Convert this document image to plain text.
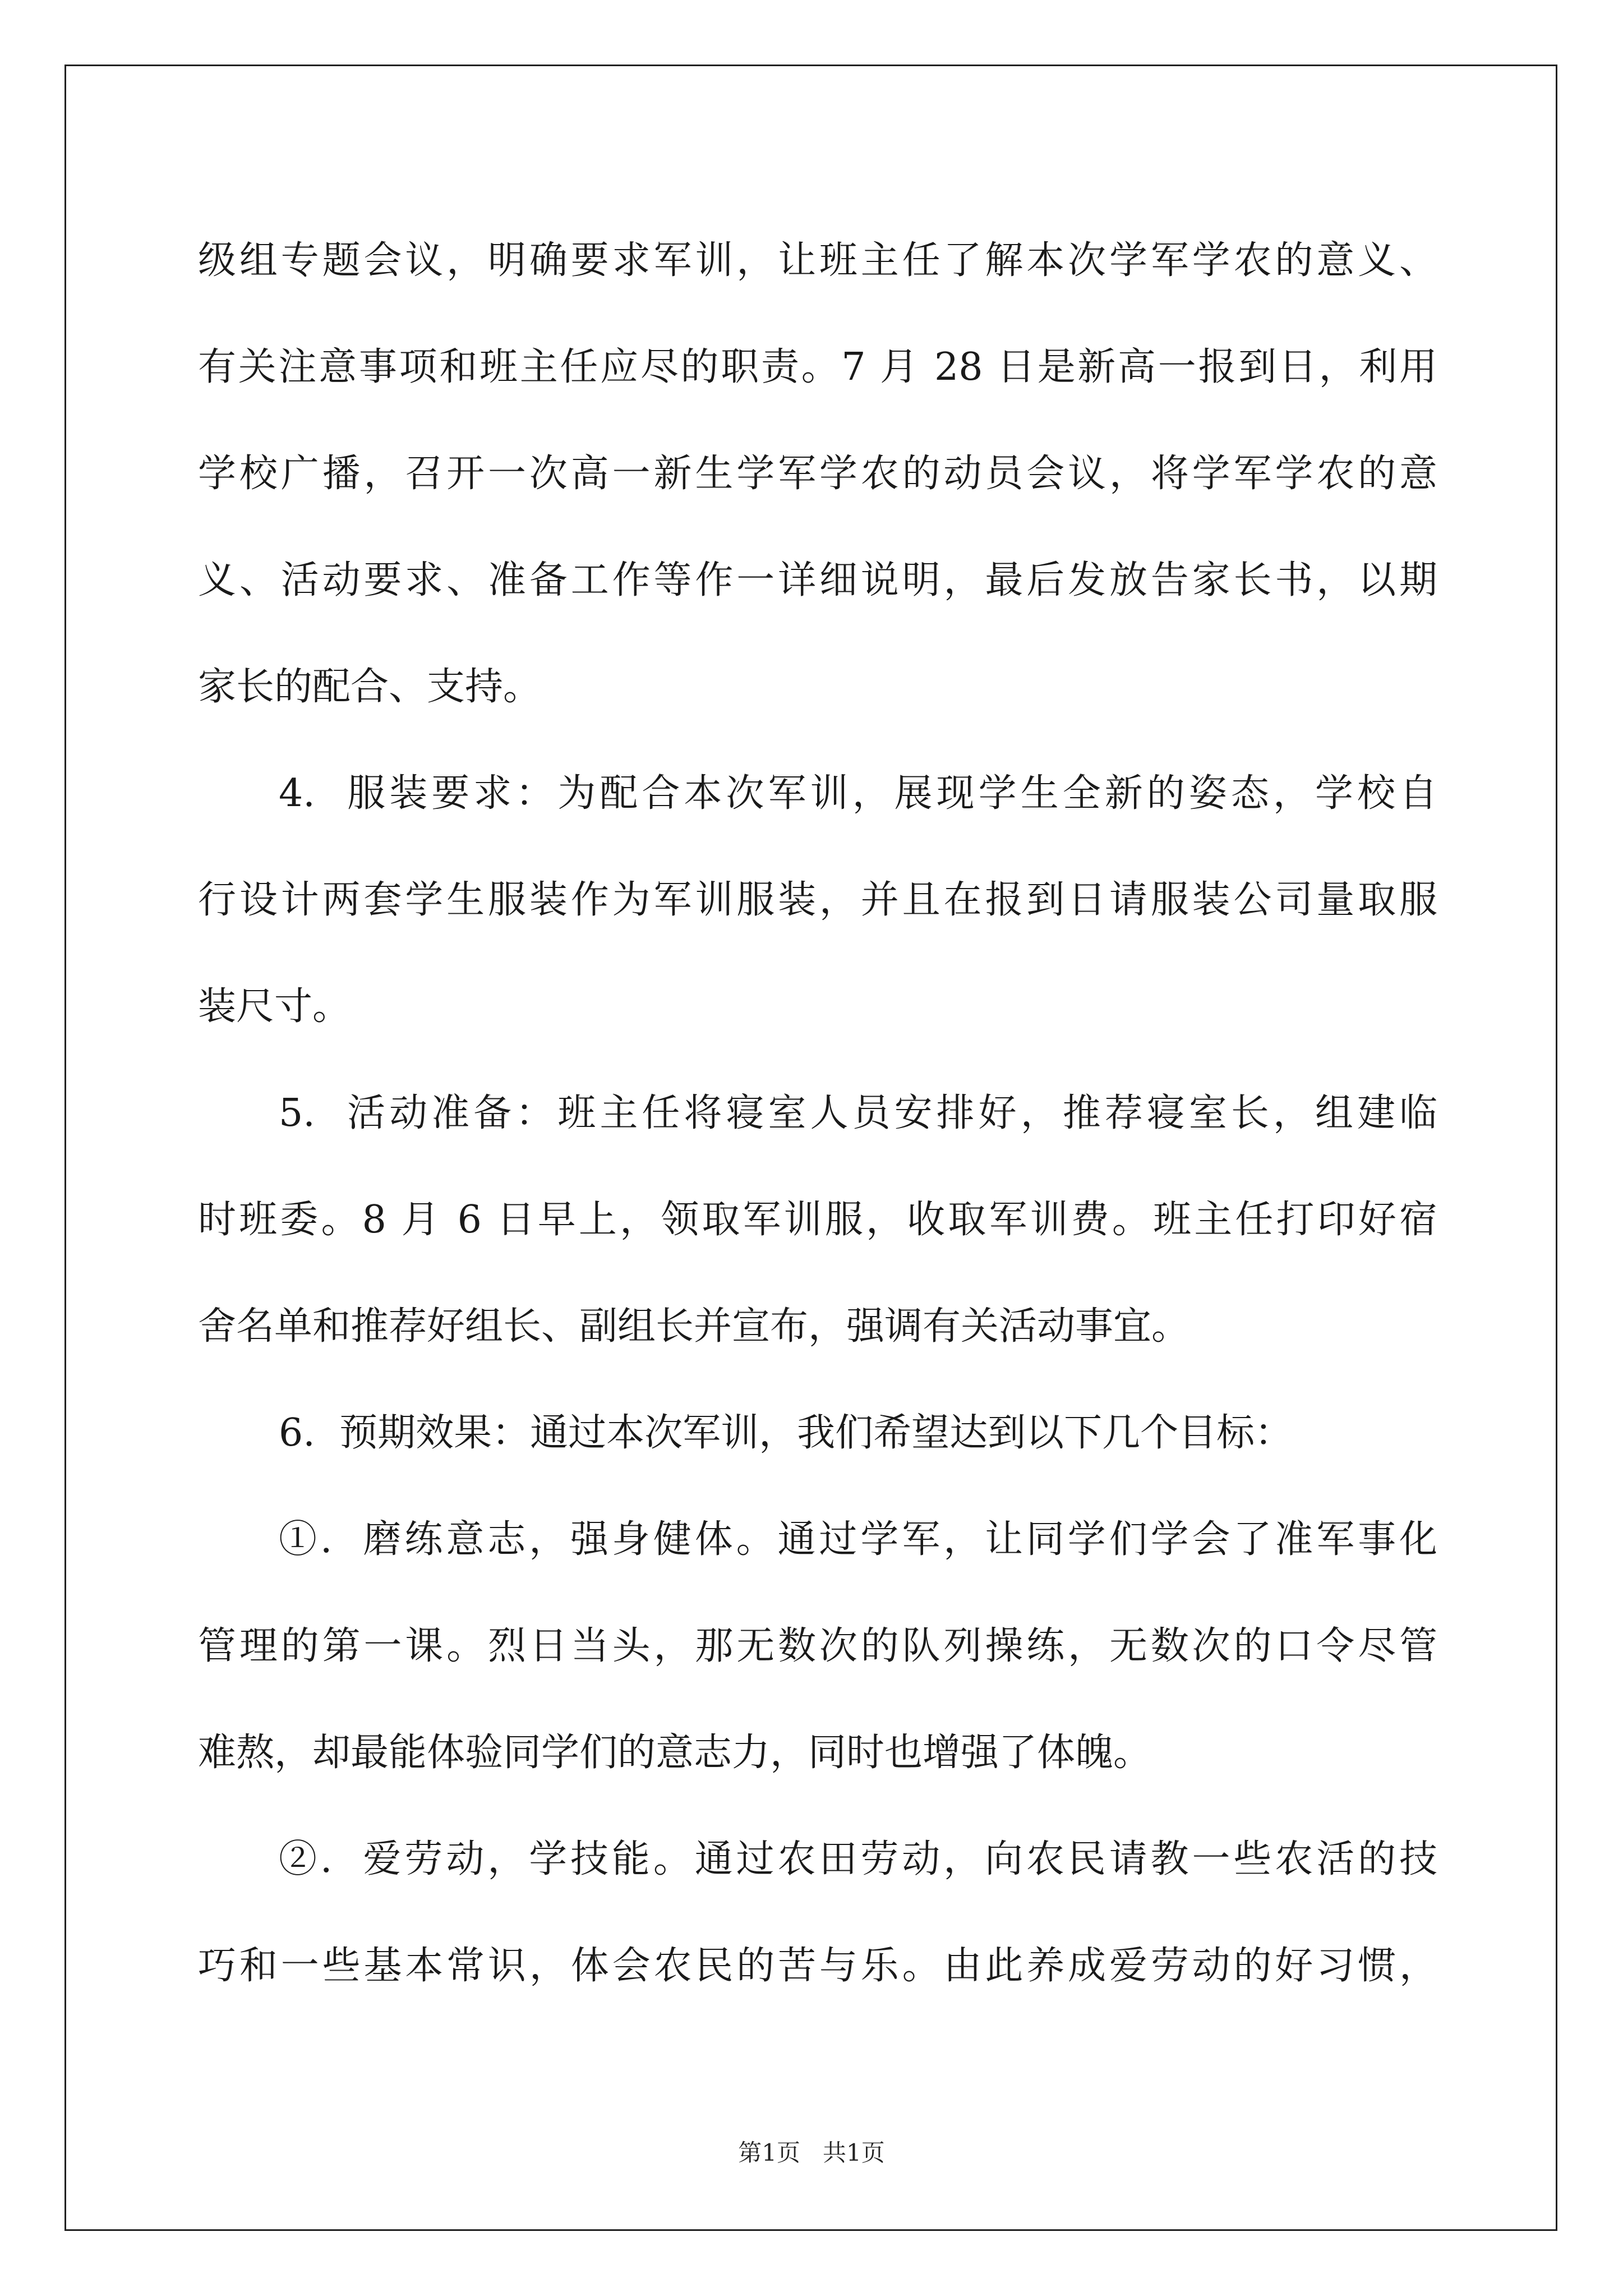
级组专题会议，明确要求军训，让班主任了解本次学军学农的意义、
有关注意事项和班主任应尽的职责。7 月 28 日是新高一报到日，利用
学校广播，召开一次高一新生学军学农的动员会议，将学军学农的意
义、活动要求、准备工作等作一详细说明，最后发放告家长书，以期
家长的配合、支持。
4.  服装要求：为配合本次军训，展现学生全新的姿态，学校自
行设计两套学生服装作为军训服装，并且在报到日请服装公司量取服
装尺寸。
5.  活动准备：班主任将寝室人员安排好，推荐寝室长，组建临
时班委。8 月 6 日早上，领取军训服，收取军训费。班主任打印好宿
舍名单和推荐好组长、副组长并宣布，强调有关活动事宜。
6.  预期效果：通过本次军训，我们希望达到以下几个目标：
①.  磨练意志，强身健体。通过学军，让同学们学会了准军事化
管理的第一课。烈日当头，那无数次的队列操练，无数次的口令尽管
难熬，却最能体验同学们的意志力，同时也增强了体魄。
②.  爱劳动，学技能。通过农田劳动，向农民请教一些农活的技
巧和一些基本常识，体会农民的苦与乐。由此养成爱劳动的好习惯，
第1页   共1页
